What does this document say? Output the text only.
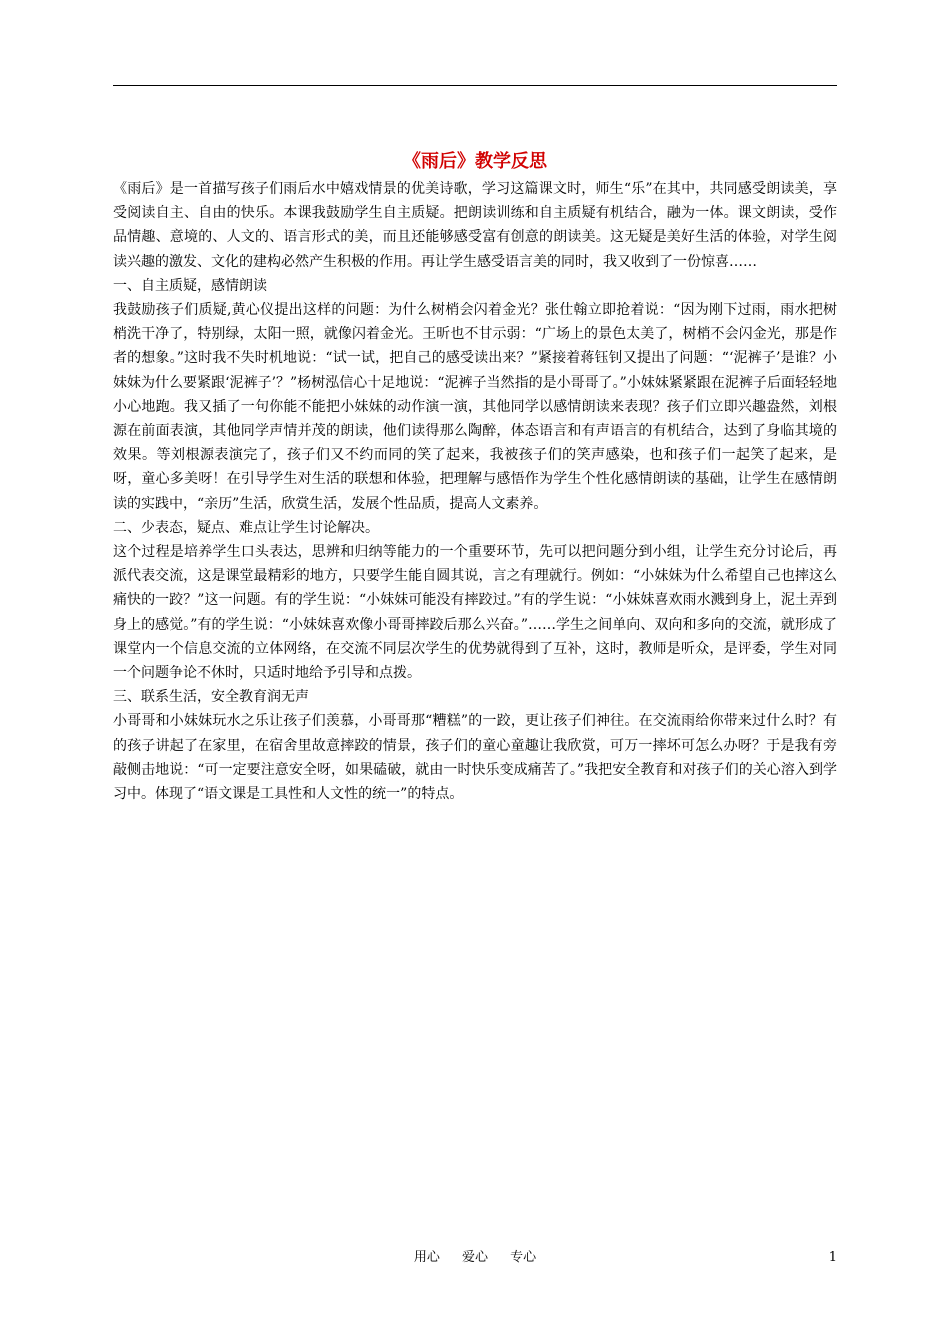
《雨后》教学反思

《雨后》是一首描写孩子们雨后水中嬉戏情景的优美诗歌，学习这篇课文时，师生“乐”在其中，共同感受朗读美，享受阅读自主、自由的快乐。本课我鼓励学生自主质疑。把朗读训练和自主质疑有机结合，融为一体。课文朗读，受作品情趣、意境的、人文的、语言形式的美，而且还能够感受富有创意的朗读美。这无疑是美好生活的体验，对学生阅读兴趣的激发、文化的建构必然产生积极的作用。再让学生感受语言美的同时，我又收到了一份惊喜……

一、自主质疑，感情朗读

我鼓励孩子们质疑,黄心仪提出这样的问题：为什么树梢会闪着金光？张仕翰立即抢着说：“因为刚下过雨，雨水把树梢洗干净了，特别绿，太阳一照，就像闪着金光。王昕也不甘示弱：“广场上的景色太美了，树梢不会闪金光，那是作者的想象。”这时我不失时机地说：“试一试，把自己的感受读出来？”紧接着蒋钰钊又提出了问题：“‘泥裤子’是谁？小妹妹为什么要紧跟‘泥裤子’？”杨树泓信心十足地说：“泥裤子当然指的是小哥哥了。”小妹妹紧紧跟在泥裤子后面轻轻地小心地跑。我又插了一句你能不能把小妹妹的动作演一演，其他同学以感情朗读来表现？孩子们立即兴趣盎然，刘根源在前面表演，其他同学声情并茂的朗读，他们读得那么陶醉，体态语言和有声语言的有机结合，达到了身临其境的效果。等刘根源表演完了，孩子们又不约而同的笑了起来，我被孩子们的笑声感染，也和孩子们一起笑了起来，是呀，童心多美呀！在引导学生对生活的联想和体验，把理解与感悟作为学生个性化感情朗读的基础，让学生在感情朗读的实践中，“亲历”生活，欣赏生活，发展个性品质，提高人文素养。

二、少表态，疑点、难点让学生讨论解决。

这个过程是培养学生口头表达，思辨和归纳等能力的一个重要环节，先可以把问题分到小组，让学生充分讨论后，再派代表交流，这是课堂最精彩的地方，只要学生能自圆其说，言之有理就行。例如：“小妹妹为什么希望自己也摔这么痛快的一跤？”这一问题。有的学生说：“小妹妹可能没有摔跤过。”有的学生说：“小妹妹喜欢雨水溅到身上，泥土弄到身上的感觉。”有的学生说：“小妹妹喜欢像小哥哥摔跤后那么兴奋。”……学生之间单向、双向和多向的交流，就形成了课堂内一个信息交流的立体网络，在交流不同层次学生的优势就得到了互补，这时，教师是听众，是评委，学生对同一个问题争论不休时，只适时地给予引导和点拨。

三、联系生活，安全教育润无声

小哥哥和小妹妹玩水之乐让孩子们羡慕，小哥哥那“糟糕”的一跤，更让孩子们神往。在交流雨给你带来过什么时？有的孩子讲起了在家里，在宿舍里故意摔跤的情景，孩子们的童心童趣让我欣赏，可万一摔坏可怎么办呀？于是我有旁敲侧击地说：“可一定要注意安全呀，如果磕破，就由一时快乐变成痛苦了。”我把安全教育和对孩子们的关心溶入到学习中。体现了“语文课是工具性和人文性的统一”的特点。

用心 爱心 专心	1
